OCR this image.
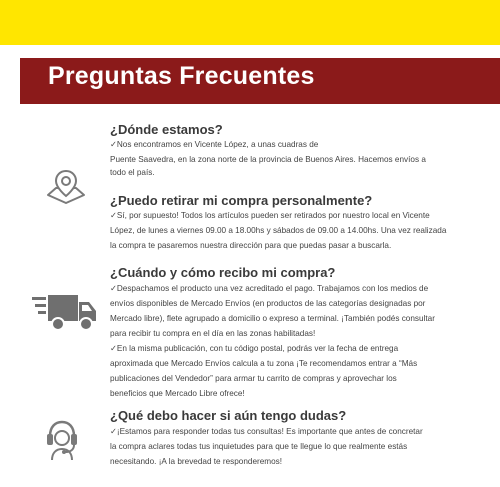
Preguntas Frecuentes
¿Dónde estamos?
✓Nos encontramos en Vicente López, a unas cuadras de
Puente Saavedra, en la zona norte de la provincia de Buenos Aires. Hacemos envíos a
todo el país.
¿Puedo retirar mi compra personalmente?
✓Sí, por supuesto! Todos los artículos pueden ser retirados por nuestro local en Vicente
López, de lunes a viernes 09.00 a 18.00hs y sábados de 09.00 a 14.00hs. Una vez realizada
la compra te pasaremos nuestra dirección para que puedas pasar a buscarla.
¿Cuándo y cómo recibo mi compra?
✓Despachamos el producto una vez acreditado el pago. Trabajamos con los medios de
envíos disponibles de Mercado Envíos (en productos de las categorías designadas por
Mercado libre), flete agrupado a domicilio o expreso a terminal. ¡También podés consultar
para recibir tu compra en el día en las zonas habilitadas!
✓En la misma publicación, con tu código postal, podrás ver la fecha de entrega
aproximada que Mercado Envíos calcula a tu zona ¡Te recomendamos entrar a “Más
publicaciones del Vendedor” para armar tu carrito de compras y aprovechar los
beneficios que Mercado Libre ofrece!
¿Qué debo hacer si aún tengo dudas?
✓¡Estamos para responder todas tus consultas! Es importante que antes de concretar
la compra aclares todas tus inquietudes para que te llegue lo que realmente estás
necesitando. ¡A la brevedad te responderemos!
